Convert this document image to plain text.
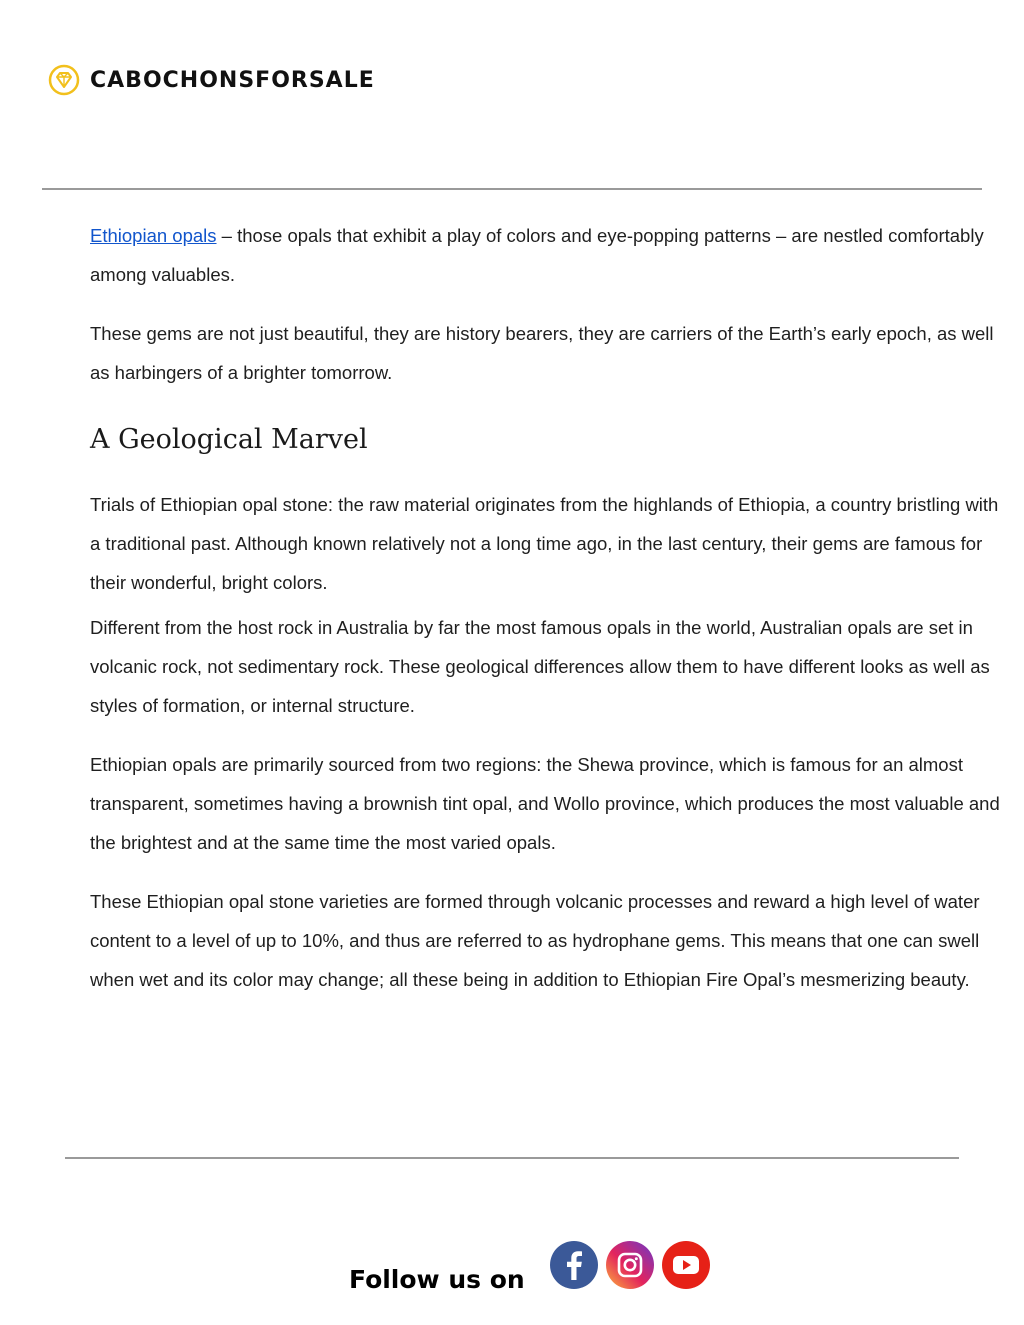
CABOCHONSFORSALE

Ethiopian opals – those opals that exhibit a play of colors and eye-popping patterns – are nestled comfortably among valuables.

These gems are not just beautiful, they are history bearers, they are carriers of the Earth’s early epoch, as well as harbingers of a brighter tomorrow.

A Geological Marvel

Trials of Ethiopian opal stone: the raw material originates from the highlands of Ethiopia, a country bristling with a traditional past. Although known relatively not a long time ago, in the last century, their gems are famous for their wonderful, bright colors.

Different from the host rock in Australia by far the most famous opals in the world, Australian opals are set in volcanic rock, not sedimentary rock. These geological differences allow them to have different looks as well as styles of formation, or internal structure.

Ethiopian opals are primarily sourced from two regions: the Shewa province, which is famous for an almost transparent, sometimes having a brownish tint opal, and Wollo province, which produces the most valuable and the brightest and at the same time the most varied opals.

These Ethiopian opal stone varieties are formed through volcanic processes and reward a high level of water content to a level of up to 10%, and thus are referred to as hydrophane gems. This means that one can swell when wet and its color may change; all these being in addition to Ethiopian Fire Opal’s mesmerizing beauty.

Follow us on
